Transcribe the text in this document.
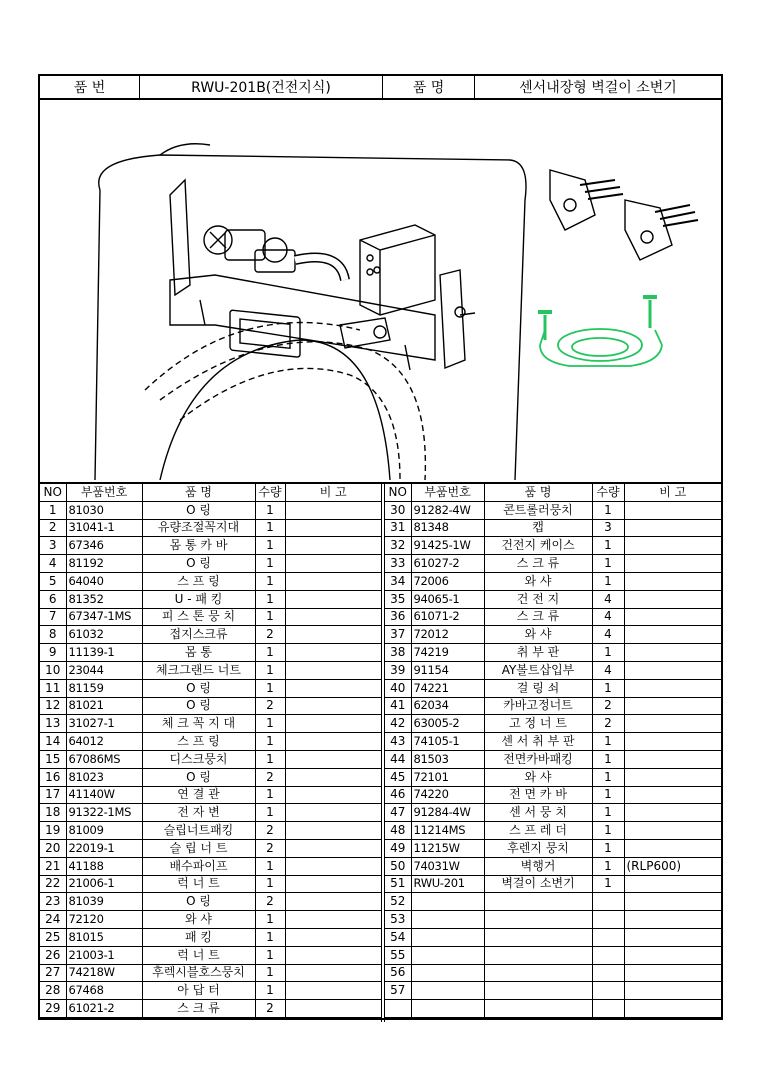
품 번	RWU-201B(건전지식)	품 명	센서내장형 벽걸이 소변기
NO	부품번호	품 명	수량	비 고
1	81030	O 링	1	
2	31041-1	유량조절꼭지대	1	
3	67346	몸 통 카 바	1	
4	81192	O 링	1	
5	64040	스 프 링	1	
6	81352	U - 패 킹	1	
7	67347-1MS	피 스 톤 뭉 치	1	
8	61032	접지스크류	2	
9	11139-1	몸 통	1	
10	23044	체크그랜드 너트	1	
11	81159	O 링	1	
12	81021	O 링	2	
13	31027-1	체 크 꼭 지 대	1	
14	64012	스 프 링	1	
15	67086MS	디스크뭉치	1	
16	81023	O 링	2	
17	41140W	연 결 관	1	
18	91322-1MS	전 자 변	1	
19	81009	슬립너트패킹	2	
20	22019-1	슬 립 너 트	2	
21	41188	배수파이프	1	
22	21006-1	럭 너 트	1	
23	81039	O 링	2	
24	72120	와 샤	1	
25	81015	패 킹	1	
26	21003-1	럭 너 트	1	
27	74218W	후렉시블호스뭉치	1	
28	67468	아 답 터	1	
29	61021-2	스 크 류	2	
NO	부품번호	품 명	수량	비 고
30	91282-4W	콘트롤러뭉치	1	
31	81348	캡	3	
32	91425-1W	건전지 케이스	1	
33	61027-2	스 크 류	1	
34	72006	와 샤	1	
35	94065-1	건 전 지	4	
36	61071-2	스 크 류	4	
37	72012	와 샤	4	
38	74219	취 부 판	1	
39	91154	AY볼트삽입부	4	
40	74221	걸 링 쇠	1	
41	62034	카바고정너트	2	
42	63005-2	고 정 너 트	2	
43	74105-1	센 서 취 부 판	1	
44	81503	전면카바패킹	1	
45	72101	와 샤	1	
46	74220	전 면 카 바	1	
47	91284-4W	센 서 뭉 치	1	
48	11214MS	스 프 레 더	1	
49	11215W	후렌지 뭉치	1	
50	74031W	벽행거	1	(RLP600)
51	RWU-201	벽걸이 소변기	1	
52				
53				
54				
55				
56				
57				
